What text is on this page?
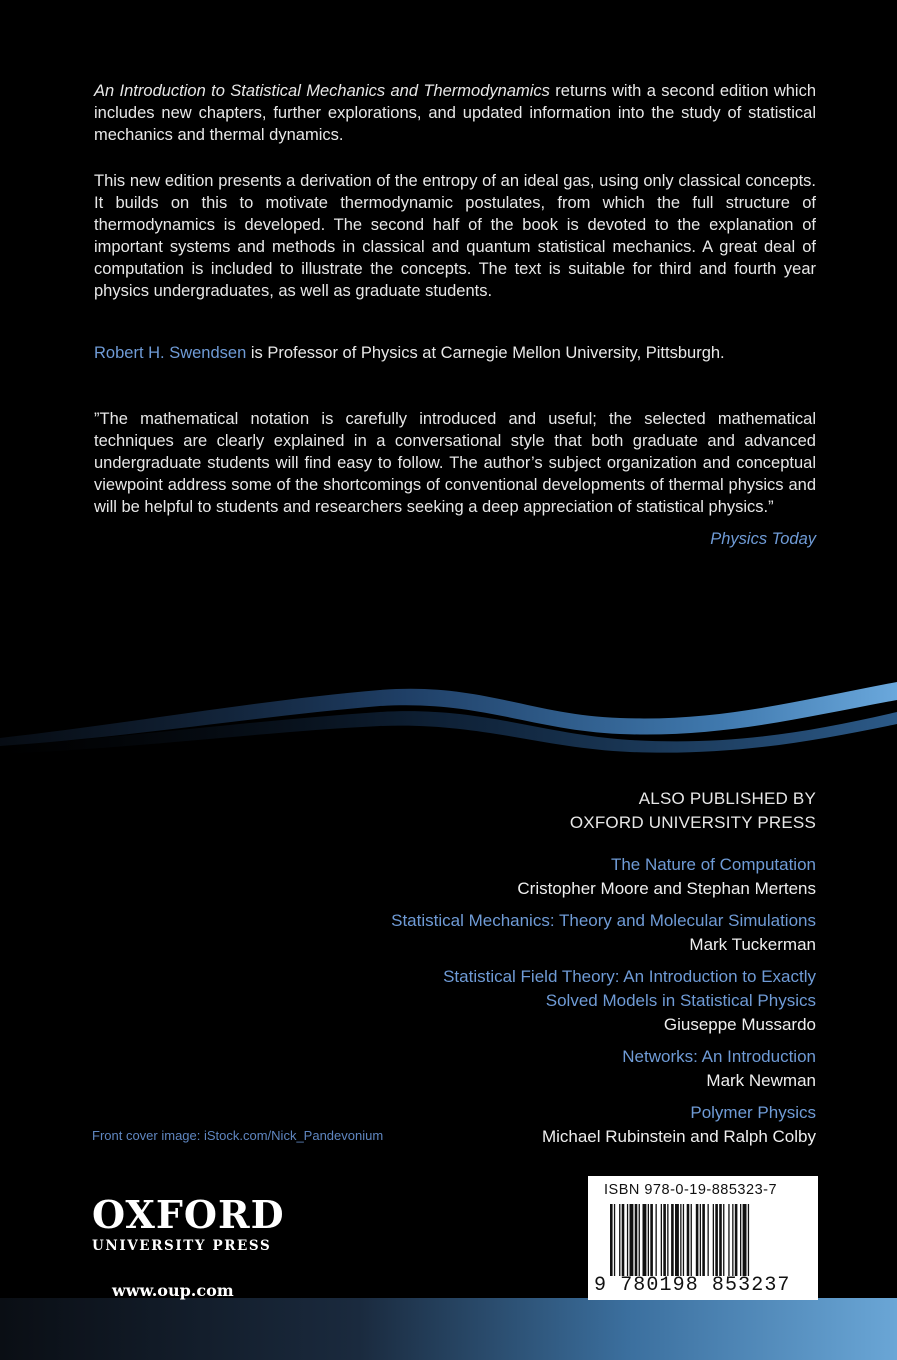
An Introduction to Statistical Mechanics and Thermodynamics returns with a second edition which includes new chapters, further explorations, and updated information into the study of statistical mechanics and thermal dynamics.
This new edition presents a derivation of the entropy of an ideal gas, using only classical concepts. It builds on this to motivate thermodynamic postulates, from which the full structure of thermodynamics is developed. The second half of the book is devoted to the explanation of important systems and methods in classical and quantum statistical mechanics. A great deal of computation is included to illustrate the concepts. The text is suitable for third and fourth year physics undergraduates, as well as graduate students.
Robert H. Swendsen is Professor of Physics at Carnegie Mellon University, Pittsburgh.
”The mathematical notation is carefully introduced and useful; the selected mathematical techniques are clearly explained in a conversational style that both graduate and advanced undergraduate students will find easy to follow. The author’s subject organization and conceptual viewpoint address some of the shortcomings of conventional developments of thermal physics and will be helpful to students and researchers seeking a deep appreciation of statistical physics.”
Physics Today
ALSO PUBLISHED BY
OXFORD UNIVERSITY PRESS
The Nature of Computation
Cristopher Moore and Stephan Mertens
Statistical Mechanics: Theory and Molecular Simulations
Mark Tuckerman
Statistical Field Theory: An Introduction to Exactly
Solved Models in Statistical Physics
Giuseppe Mussardo
Networks: An Introduction
Mark Newman
Polymer Physics
Michael Rubinstein and Ralph Colby
Front cover image: iStock.com/Nick_Pandevonium
OXFORD
UNIVERSITY PRESS
www.oup.com
ISBN 978-0-19-885323-7
9 780198 853237
